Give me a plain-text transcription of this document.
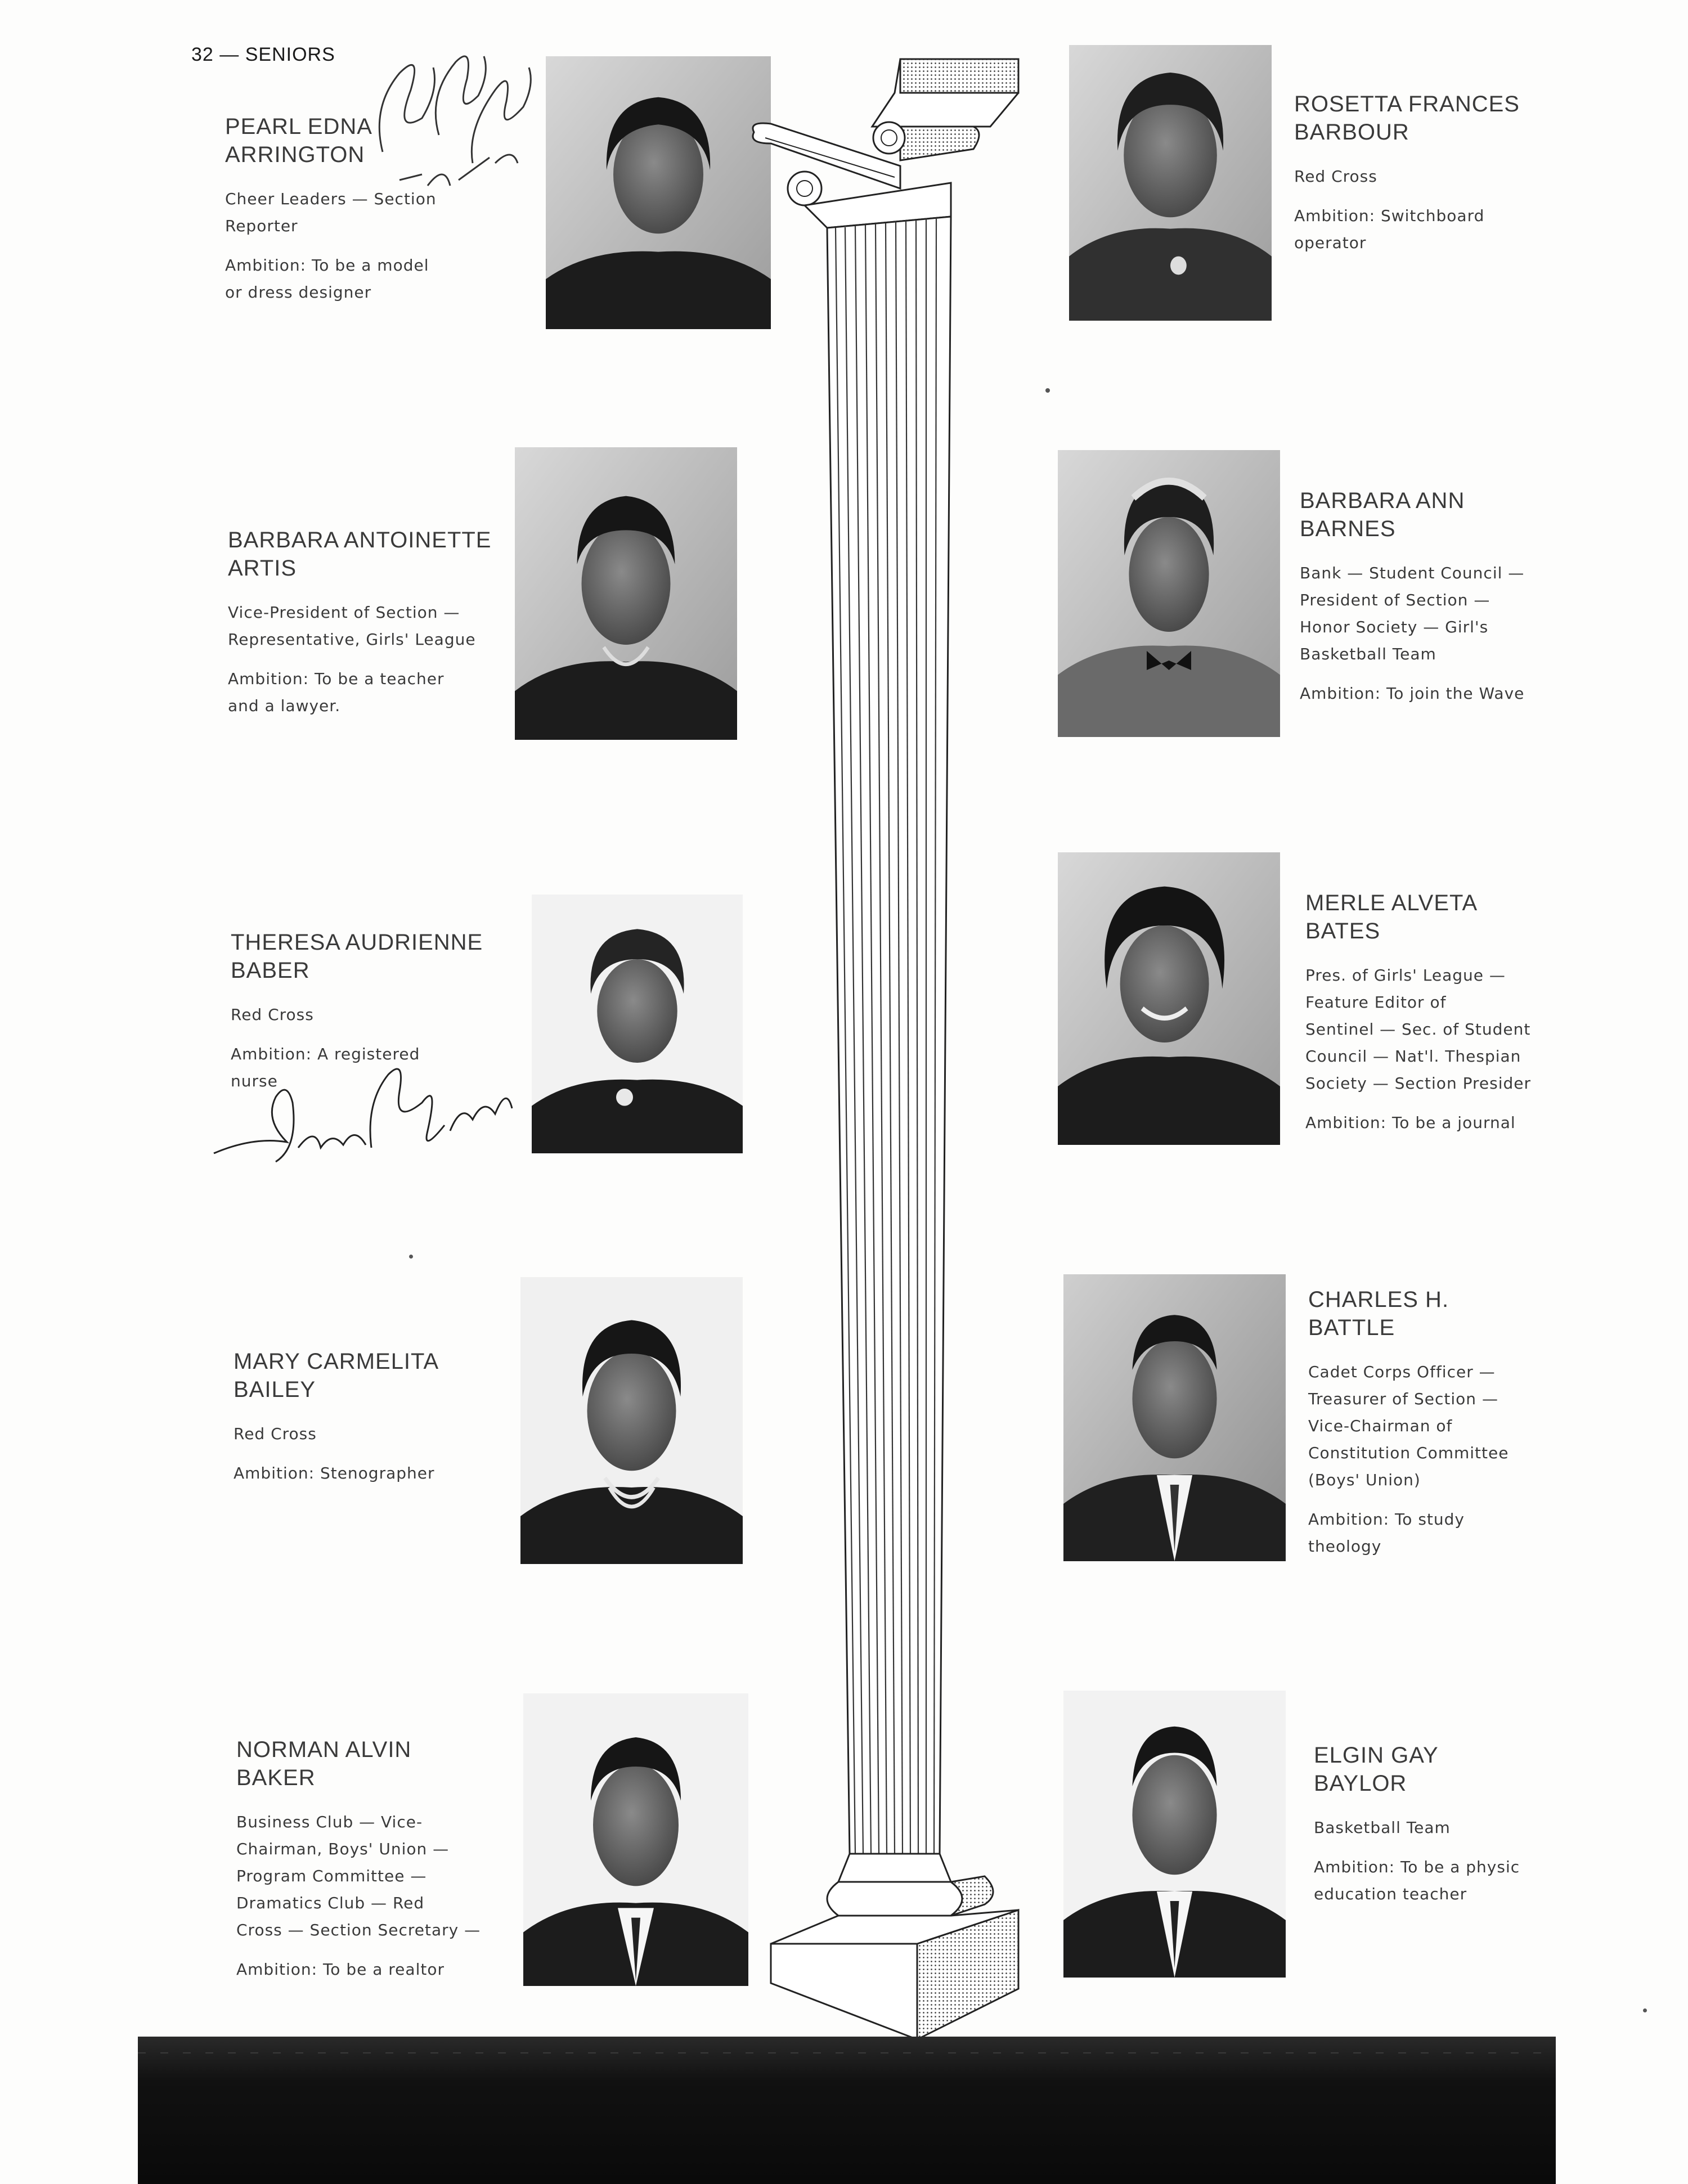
32 — SENIORS

PEARL EDNA
ARRINGTON

Cheer Leaders — Section
Reporter

Ambition: To be a model
or dress designer

BARBARA ANTOINETTE
ARTIS

Vice-President of Section —
Representative, Girls' League

Ambition: To be a teacher
and a lawyer.

THERESA AUDRIENNE
BABER

Red Cross

Ambition: A registered
nurse

MARY CARMELITA
BAILEY

Red Cross

Ambition: Stenographer

NORMAN ALVIN
BAKER

Business Club — Vice-
Chairman, Boys' Union —
Program Committee —
Dramatics Club — Red
Cross — Section Secretary —

Ambition: To be a realtor

ROSETTA FRANCES
BARBOUR

Red Cross

Ambition: Switchboard
operator

BARBARA ANN
BARNES

Bank — Student Council —
President of Section —
Honor Society — Girl's
Basketball Team

Ambition: To join the Wave

MERLE ALVETA
BATES

Pres. of Girls' League —
Feature Editor of
Sentinel — Sec. of Student
Council — Nat'l. Thespian
Society — Section Presider

Ambition: To be a journal

CHARLES H.
BATTLE

Cadet Corps Officer —
Treasurer of Section —
Vice-Chairman of
Constitution Committee
(Boys' Union)

Ambition: To study
theology

ELGIN GAY
BAYLOR

Basketball Team

Ambition: To be a physic
education teacher
